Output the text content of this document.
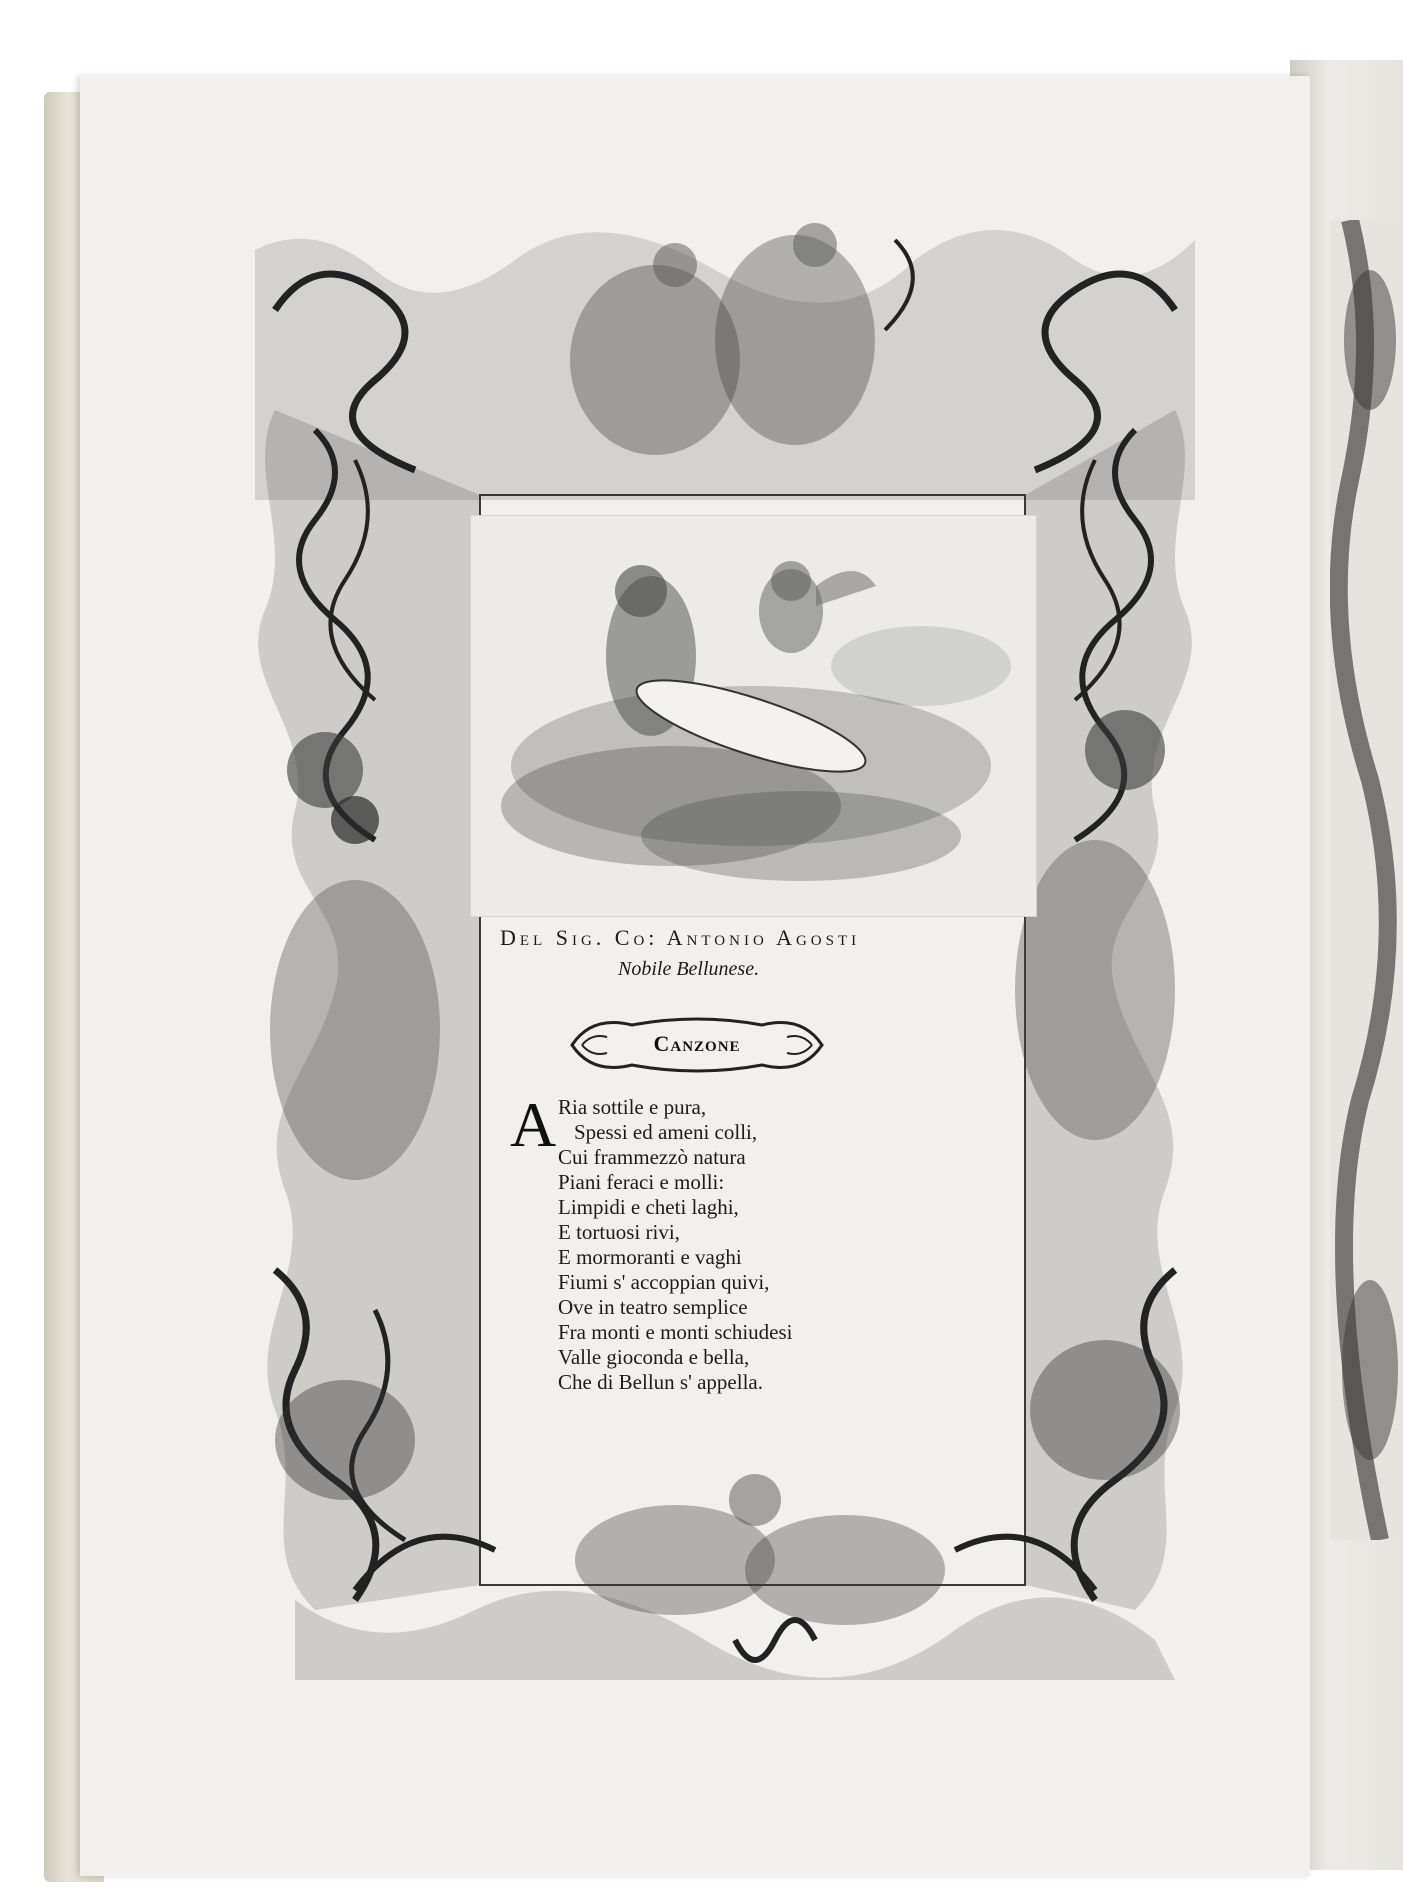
Del Sig. Co: Antonio Agosti
Nobile Bellunese.
Canzone
A Ria sottile e pura,
Spessi ed ameni colli,
Cui frammezzò natura
Piani feraci e molli:
Limpidi e cheti laghi,
E tortuosi rivi,
E mormoranti e vaghi
Fiumi s' accoppian quivi,
Ove in teatro semplice
Fra monti e monti schiudesi
Valle gioconda e bella,
Che di Bellun s' appella.
